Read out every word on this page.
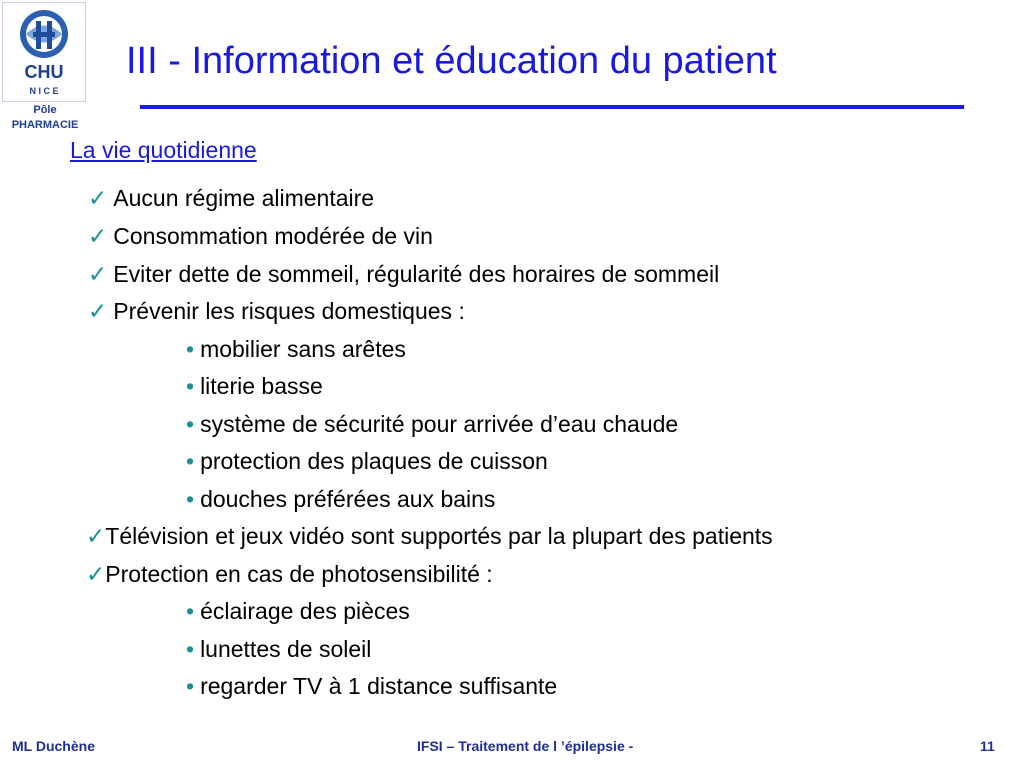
CHU
N I C E
Pôle
PHARMACIE
III - Information et éducation du patient
La vie quotidienne
✓ Aucun régime alimentaire
✓ Consommation modérée de vin
✓ Eviter dette de sommeil, régularité des horaires de sommeil
✓ Prévenir les risques domestiques :
• mobilier sans arêtes
• literie basse
• système de sécurité pour arrivée d’eau chaude
• protection des plaques de cuisson
• douches préférées aux bains
✓Télévision et jeux vidéo sont supportés par la plupart des patients
✓Protection en cas de photosensibilité :
• éclairage des pièces
• lunettes de soleil
• regarder TV à 1 distance suffisante
ML Duchène	IFSI – Traitement de l ’épilepsie -	11
